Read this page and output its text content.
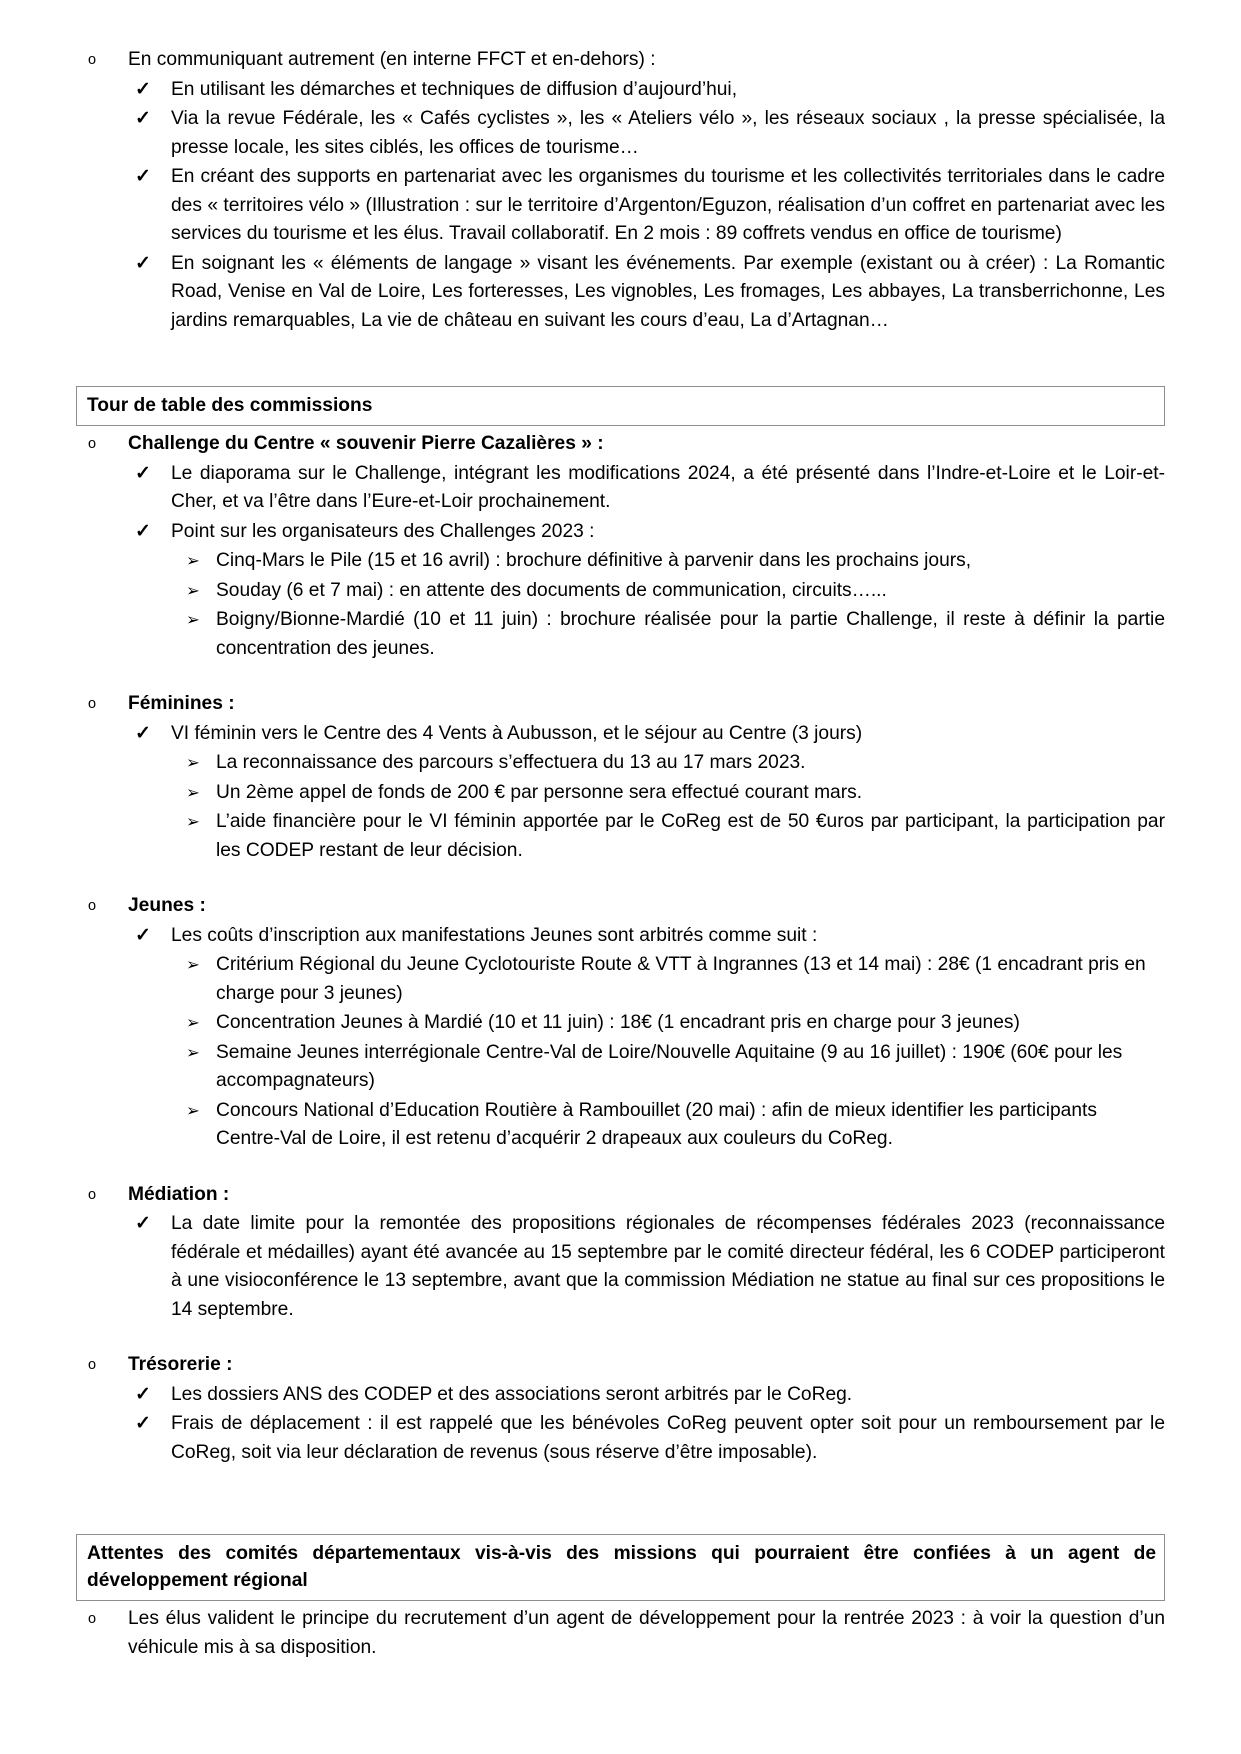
o	En communiquant autrement (en interne FFCT et en-dehors) :
✓	En utilisant les démarches et techniques de diffusion d’aujourd’hui,
✓	Via la revue Fédérale, les « Cafés cyclistes », les « Ateliers vélo », les réseaux sociaux , la presse spécialisée, la presse locale, les sites ciblés, les offices de tourisme…
✓	En créant des supports en partenariat avec les organismes du tourisme et les collectivités territoriales dans le cadre des « territoires vélo » (Illustration : sur le territoire d’Argenton/Eguzon, réalisation d’un coffret en partenariat avec les services du tourisme et les élus. Travail collaboratif. En 2 mois : 89 coffrets vendus en office de tourisme)
✓	En soignant les « éléments de langage » visant les événements. Par exemple (existant ou à créer) : La Romantic Road, Venise en Val de Loire, Les forteresses, Les vignobles, Les fromages, Les abbayes, La transberrichonne, Les jardins remarquables, La vie de château en suivant les cours d’eau, La d’Artagnan…
Tour de table des commissions
o	Challenge du Centre « souvenir Pierre Cazalières » :
✓	Le diaporama sur le Challenge, intégrant les modifications 2024, a été présenté dans l’Indre-et-Loire et le Loir-et-Cher, et va l’être dans l’Eure-et-Loir prochainement.
✓	Point sur les organisateurs des Challenges 2023 :
➢ Cinq-Mars le Pile (15 et 16 avril) : brochure définitive à parvenir dans les prochains jours,
➢ Souday (6 et 7 mai) : en attente des documents de communication, circuits…...
➢ Boigny/Bionne-Mardié (10 et 11 juin) : brochure réalisée pour la partie Challenge, il reste à définir la partie concentration des jeunes.
o	Féminines :
✓	VI féminin vers le Centre des 4 Vents à Aubusson, et le séjour au Centre (3 jours)
➢ La reconnaissance des parcours s’effectuera du 13 au 17 mars 2023.
➢ Un 2ème appel de fonds de 200 € par personne sera effectué courant mars.
➢ L’aide financière pour le VI féminin apportée par le CoReg est de 50 €uros par participant, la participation par les CODEP restant de leur décision.
o	Jeunes :
✓	Les coûts d’inscription aux manifestations Jeunes sont arbitrés comme suit :
➢ Critérium Régional du Jeune Cyclotouriste Route & VTT à Ingrannes (13 et 14 mai) : 28€ (1 encadrant pris en charge pour 3 jeunes)
➢ Concentration Jeunes à Mardié (10 et 11 juin) : 18€ (1 encadrant pris en charge pour 3 jeunes)
➢ Semaine Jeunes interrégionale Centre-Val de Loire/Nouvelle Aquitaine (9 au 16 juillet) : 190€ (60€ pour les accompagnateurs)
➢ Concours National d’Education Routière à Rambouillet (20 mai) : afin de mieux identifier les participants Centre-Val de Loire, il est retenu d’acquérir 2 drapeaux aux couleurs du CoReg.
o	Médiation :
✓	La date limite pour la remontée des propositions régionales de récompenses fédérales 2023 (reconnaissance fédérale et médailles) ayant été avancée au 15 septembre par le comité directeur fédéral, les 6 CODEP participeront à une visioconférence le 13 septembre, avant que la commission Médiation ne statue au final sur ces propositions le 14 septembre.
o	Trésorerie :
✓	Les dossiers ANS des CODEP et des associations seront arbitrés par le CoReg.
✓	Frais de déplacement : il est rappelé que les bénévoles CoReg peuvent opter soit pour un remboursement par le CoReg, soit via leur déclaration de revenus (sous réserve d’être imposable).
Attentes des comités départementaux vis-à-vis des missions qui pourraient être confiées à un agent de développement régional
o	Les élus valident le principe du recrutement d’un agent de développement pour la rentrée 2023 : à voir la question d’un véhicule mis à sa disposition.
